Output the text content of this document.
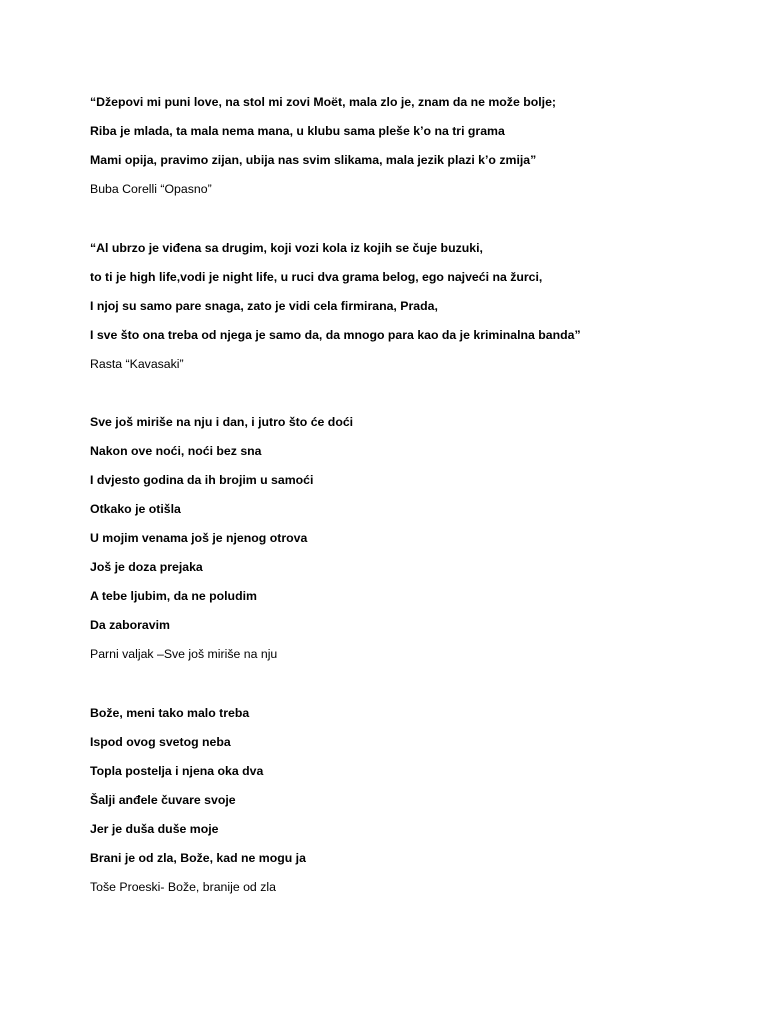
“Džepovi mi puni love, na stol mi zovi Moët, mala zlo je, znam da ne može bolje;

Riba je mlada, ta mala nema mana, u klubu sama pleše k’o na tri grama

Mami opija, pravimo zijan, ubija nas svim slikama, mala jezik plazi k’o zmija”

Buba Corelli “Opasno”

“Al ubrzo je viđena sa drugim, koji vozi kola iz kojih se čuje buzuki,

to ti je high life,vodi je night life, u ruci dva grama belog, ego najveći na žurci,

I njoj su samo pare snaga, zato je vidi cela firmirana, Prada,

I sve što ona treba od njega je samo da, da mnogo para kao da je kriminalna banda”

Rasta “Kavasaki”

Sve još miriše na nju i dan, i jutro što će doći

Nakon ove noći, noći bez sna

I dvjesto godina da ih brojim u samoći

Otkako je otišla

U mojim venama još je njenog otrova

Još je doza prejaka

A tebe ljubim, da ne poludim

Da zaboravim

Parni valjak –Sve još miriše na nju

Bože, meni tako malo treba

Ispod ovog svetog neba

Topla postelja i njena oka dva

Šalji anđele čuvare svoje

Jer je duša duše moje

Brani je od zla, Bože, kad ne mogu ja

Toše Proeski- Bože, branije od zla
